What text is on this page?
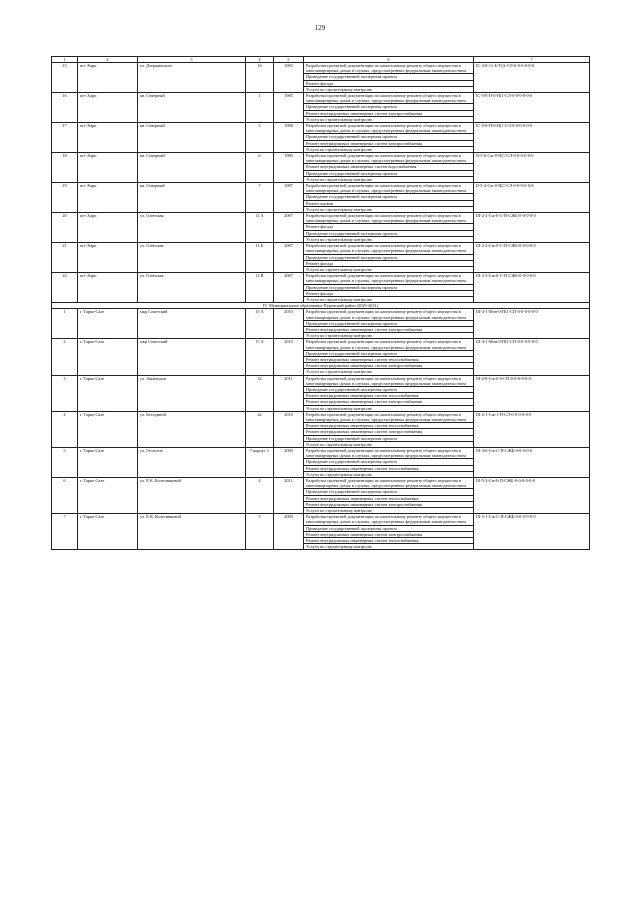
129
1	2	3	4	5	6	7
15	пгт Харп	ул. Дзержинского	16	1982	Разработка проектной документации по капитальному ремонту общего имущества в многоквартирных домах в случаях, предусмотренных федеральным законодательством	IC-3-8-11-Б-Т(А-СЛ-0-0-0-0-0-0
					Проведение государственной экспертизы проекта	
					Ремонт фасада	
					Услуги по строительному контролю	
16	пгт Харп	кв. Северный	1	1985	Разработка проектной документации по капитальному ремонту общего имущества в многоквартирных домах в случаях, предусмотренных федеральным законодательством	IС-5-8-П-0-П(1-СЛ-0-0-0-0-0-0
					Проведение государственной экспертизы проекта	
					Ремонт внутридомовых инженерных систем электроснабжения	
					Услуги по строительному контролю	
17	пгт Харп	кв. Северный	3	1988	Разработка проектной документации по капитальному ремонту общего имущества в многоквартирных домах в случаях, предусмотренных федеральным законодательством	IС-5-8-П-0-П(1-СЛ-0-0-0-0-0-0
					Проведение государственной экспертизы проекта	
					Ремонт внутридомовых инженерных систем электроснабжения	
					Услуги по строительному контролю	
18	пгт Харп	кв. Северный	6	1989	Разработка проектной документации по капитальному ремонту общего имущества в многоквартирных домах в случаях, предусмотренных федеральным законодательством	II-5-6-Сж-0-П(1-СЛ-0-0-0-0-0-0
					Ремонт внутридомовых инженерных систем водоснабжения	
					Проведение государственной экспертизы проекта	
					Услуги по строительному контролю	
19	пгт Харп	кв. Северный	7	1987	Разработка проектной документации по капитальному ремонту общего имущества в многоквартирных домах в случаях, предусмотренных федеральным законодательством	II-5-4-Сж-0-П(1-СЛ-0-0-0-0-0-0
					Проведение государственной экспертизы проекта	
					Ремонт кровли	
					Услуги по строительному контролю	
20	пгт Харп	ул. Оленская	11 А	2007	Разработка проектной документации по капитальному ремонту общего имущества в многоквартирных домах в случаях, предусмотренных федеральным законодательством	III-2-2-Сж-0-С-П-СЖБ-0-0-0-0-0
					Ремонт фасада	
					Проведение государственной экспертизы проекта	
					Услуги по строительному контролю	
21	пгт Харп	ул. Оленская	11 Б	2007	Разработка проектной документации по капитальному ремонту общего имущества в многоквартирных домах в случаях, предусмотренных федеральным законодательством	III-2-2-Сж-0-С-П-СЖБ-0-0-0-0-0
					Проведение государственной экспертизы проекта	
					Ремонт фасада	
					Услуги по строительному контролю	
22	пгт Харп	ул. Оленская	11 В	2007	Разработка проектной документации по капитальному ремонту общего имущества в многоквартирных домах в случаях, предусмотренных федеральным законодательством	III-2-2-Сж-0-С-П-СЖБ-0-0-0-0-0
					Проведение государственной экспертизы проекта	
					Ремонт фасада	
					Услуги по строительному контролю	
IV. Муниципальное образование Пуровский район (2029-2031)						
1	г. Тарко-Сале	мкр Советский	15 А	2010	Разработка проектной документации по капитальному ремонту общего имущества в многоквартирных домах в случаях, предусмотренных федеральным законодательством	III-4-1-Мон-0-П(1-СП-0-0-0-0-0-0
					Проведение государственной экспертизы проекта	
					Ремонт внутридомовых инженерных систем электроснабжения	
					Услуги по строительному контролю	
2	г. Тарко-Сале	мкр Советский	17 А	2010	Разработка проектной документации по капитальному ремонту общего имущества в многоквартирных домах в случаях, предусмотренных федеральным законодательством	III-4-1-Мон-0-П(1-СП-0-0-0-0-0-0
					Проведение государственной экспертизы проекта	
					Ремонт внутридомовых инженерных систем теплоснабжения	
					Ремонт внутридомовых инженерных систем электроснабжения	
					Услуги по строительному контролю	
3	г. Тарко-Сале	ул. Авиаторов	32	2011	Разработка проектной документации по капитальному ремонту общего имущества в многоквартирных домах в случаях, предусмотренных федеральным законодательством	III-2-8-Сж-0-0-СП-0-0-0-0-0-0
					Проведение государственной экспертизы проекта	
					Ремонт внутридомовых инженерных систем теплоснабжения	
					Ремонт внутридомовых инженерных систем электроснабжения	
					Услуги по строительному контролю	
4	г. Тарко-Сале	ул. Бесединой	42	2010	Разработка проектной документации по капитальному ремонту общего имущества в многоквартирных домах в случаях, предусмотренных федеральным законодательством	III-2-1-Сж-1-П-СЛ-0-0-0-0-0-0
					Ремонт внутридомовых инженерных систем теплоснабжения	
					Ремонт внутридомовых инженерных систем электроснабжения	
					Проведение государственной экспертизы проекта	
					Услуги по строительному контролю	
5	г. Тарко-Сале	ул. Геологов	7 корпус 1	2009	Разработка проектной документации по капитальному ремонту общего имущества в многоквартирных домах в случаях, предусмотренных федеральным законодательством	III-3-6-Сж-С-П-СЖБ-0-0-0-0-0
					Проведение государственной экспертизы проекта	
					Ремонт внутридомовых инженерных систем теплоснабжения	
					Услуги по строительному контролю	
6	г. Тарко-Сале	ул. Е.К. Колесниковой	4	2011	Разработка проектной документации по капитальному ремонту общего имущества в многоквартирных домах в случаях, предусмотренных федеральным законодательством	III-5-3-Сж-0-П-СЖБ-0-0-0-0-0-0
					Проведение государственной экспертизы проекта	
					Ремонт внутридомовых инженерных систем теплоснабжения	
					Ремонт внутридомовых инженерных систем электроснабжения	
					Услуги по строительному контролю	
7	г. Тарко-Сале	ул. Е.К. Колесниковой	5	2009	Разработка проектной документации по капитальному ремонту общего имущества в многоквартирных домах в случаях, предусмотренных федеральным законодательством	III-5-1-Сж-С-П-СЖБ-0-0-0-0-0-0
					Проведение государственной экспертизы проекта	
					Ремонт внутридомовых инженерных систем электроснабжения	
					Ремонт внутридомовых инженерных систем теплоснабжения	
					Услуги по строительному контролю	
